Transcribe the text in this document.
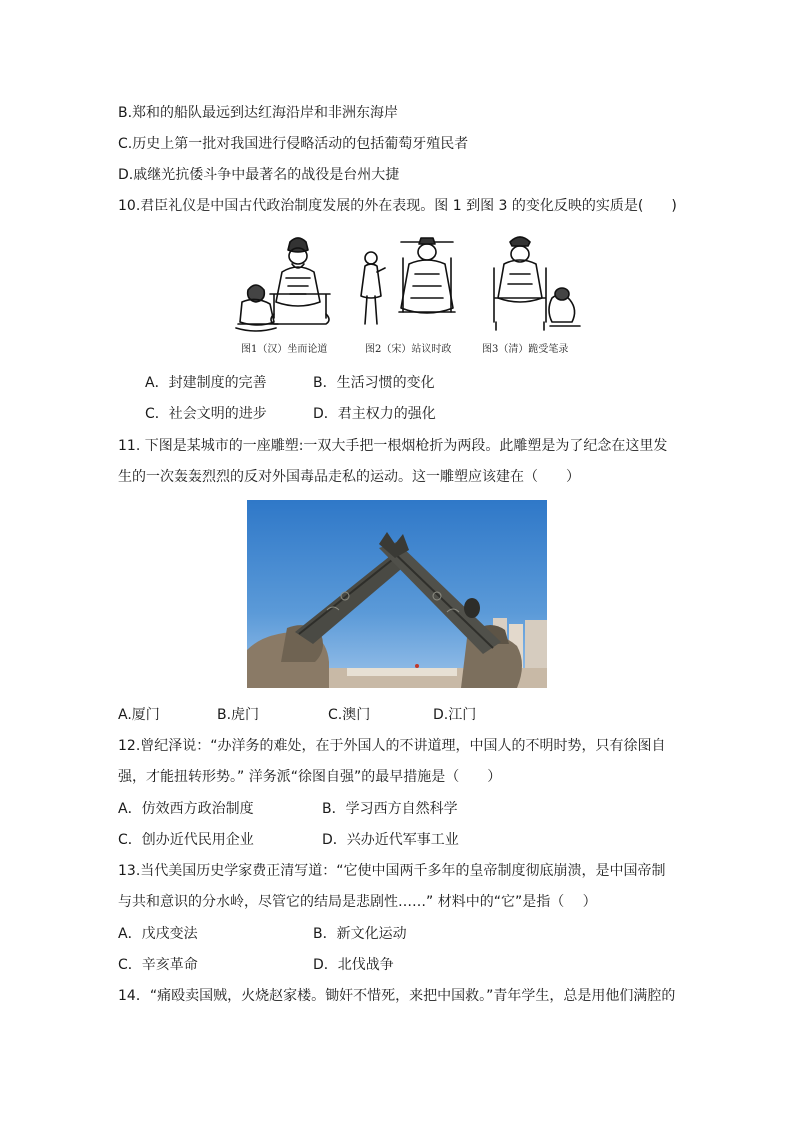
B.郑和的船队最远到达红海沿岸和非洲东海岸
C.历史上第一批对我国进行侵略活动的包括葡萄牙殖民者
D.戚继光抗倭斗争中最著名的战役是台州大捷
10.君臣礼仪是中国古代政治制度发展的外在表现。图 1 到图 3 的变化反映的实质是(　　)
图1（汉）坐而论道	图2（宋）站议时政	图3（清）跪受笔录
A．封建制度的完善	B．生活习惯的变化
C．社会文明的进步	D．君主权力的强化
11. 下图是某城市的一座雕塑:一双大手把一根烟枪折为两段。此雕塑是为了纪念在这里发
生的一次轰轰烈烈的反对外国毒品走私的运动。这一雕塑应该建在（　　）
A.厦门	B.虎门	C.澳门	D.江门
12.曾纪泽说：“办洋务的难处，在于外国人的不讲道理，中国人的不明时势，只有徐图自
强，才能扭转形势。” 洋务派“徐图自强”的最早措施是（　　）
A．仿效西方政治制度	B．学习西方自然科学
C．创办近代民用企业	D．兴办近代军事工业
13.当代美国历史学家费正清写道：“它使中国两千多年的皇帝制度彻底崩溃，是中国帝制
与共和意识的分水岭，尽管它的结局是悲剧性……” 材料中的“它”是指（　 ）
A．戊戌变法	B．新文化运动
C．辛亥革命	D．北伐战争
14．“痛殴卖国贼，火烧赵家楼。锄奸不惜死，来把中国救。”青年学生，总是用他们满腔的
